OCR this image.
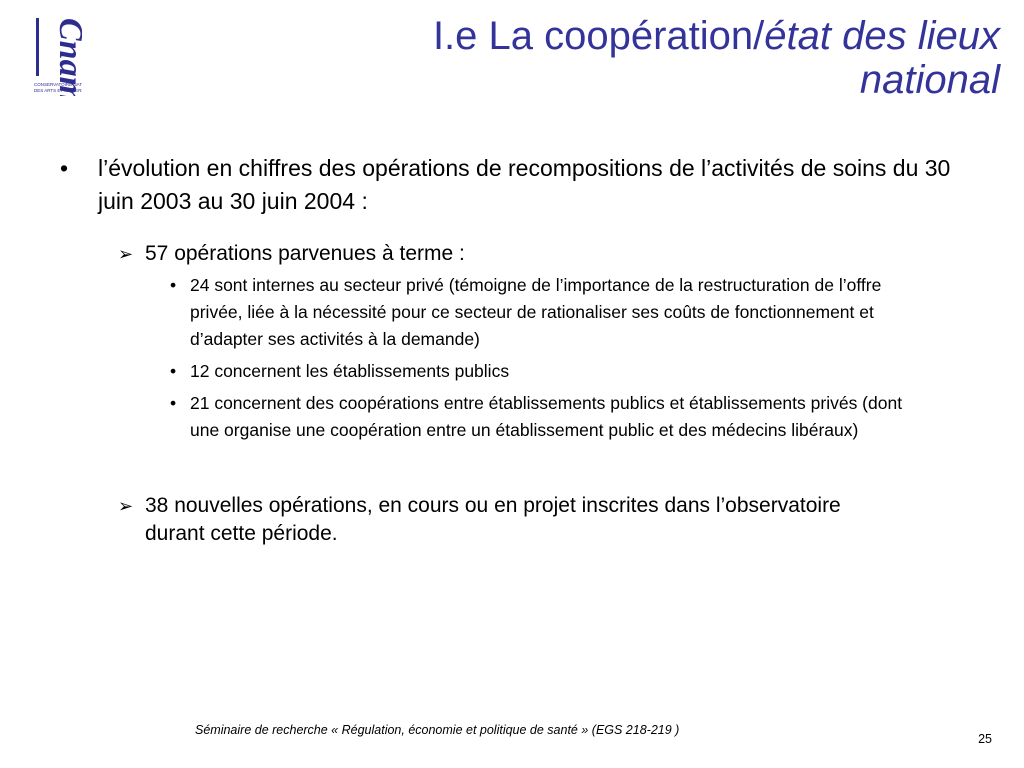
Cnam
CONSERVATOIRE NAT
DES ARTS ET MÉTIERS
I.e La coopération/état des lieux
national
• l’évolution en chiffres des opérations de recompositions de l’activités de soins du 30 juin 2003 au 30 juin 2004 :
➢ 57 opérations parvenues à terme :
• 24 sont internes au secteur privé (témoigne de l’importance de la restructuration de l’offre privée, liée à la nécessité pour ce secteur de rationaliser ses coûts de fonctionnement et d’adapter ses activités à la demande)
• 12 concernent les établissements publics
• 21 concernent des coopérations entre établissements publics et établissements privés (dont une organise une coopération entre un établissement public et des médecins libéraux)
➢ 38 nouvelles opérations, en cours ou en projet inscrites dans l’observatoire durant cette période.
Séminaire de recherche « Régulation, économie et politique de santé » (EGS 218-219 )
25
